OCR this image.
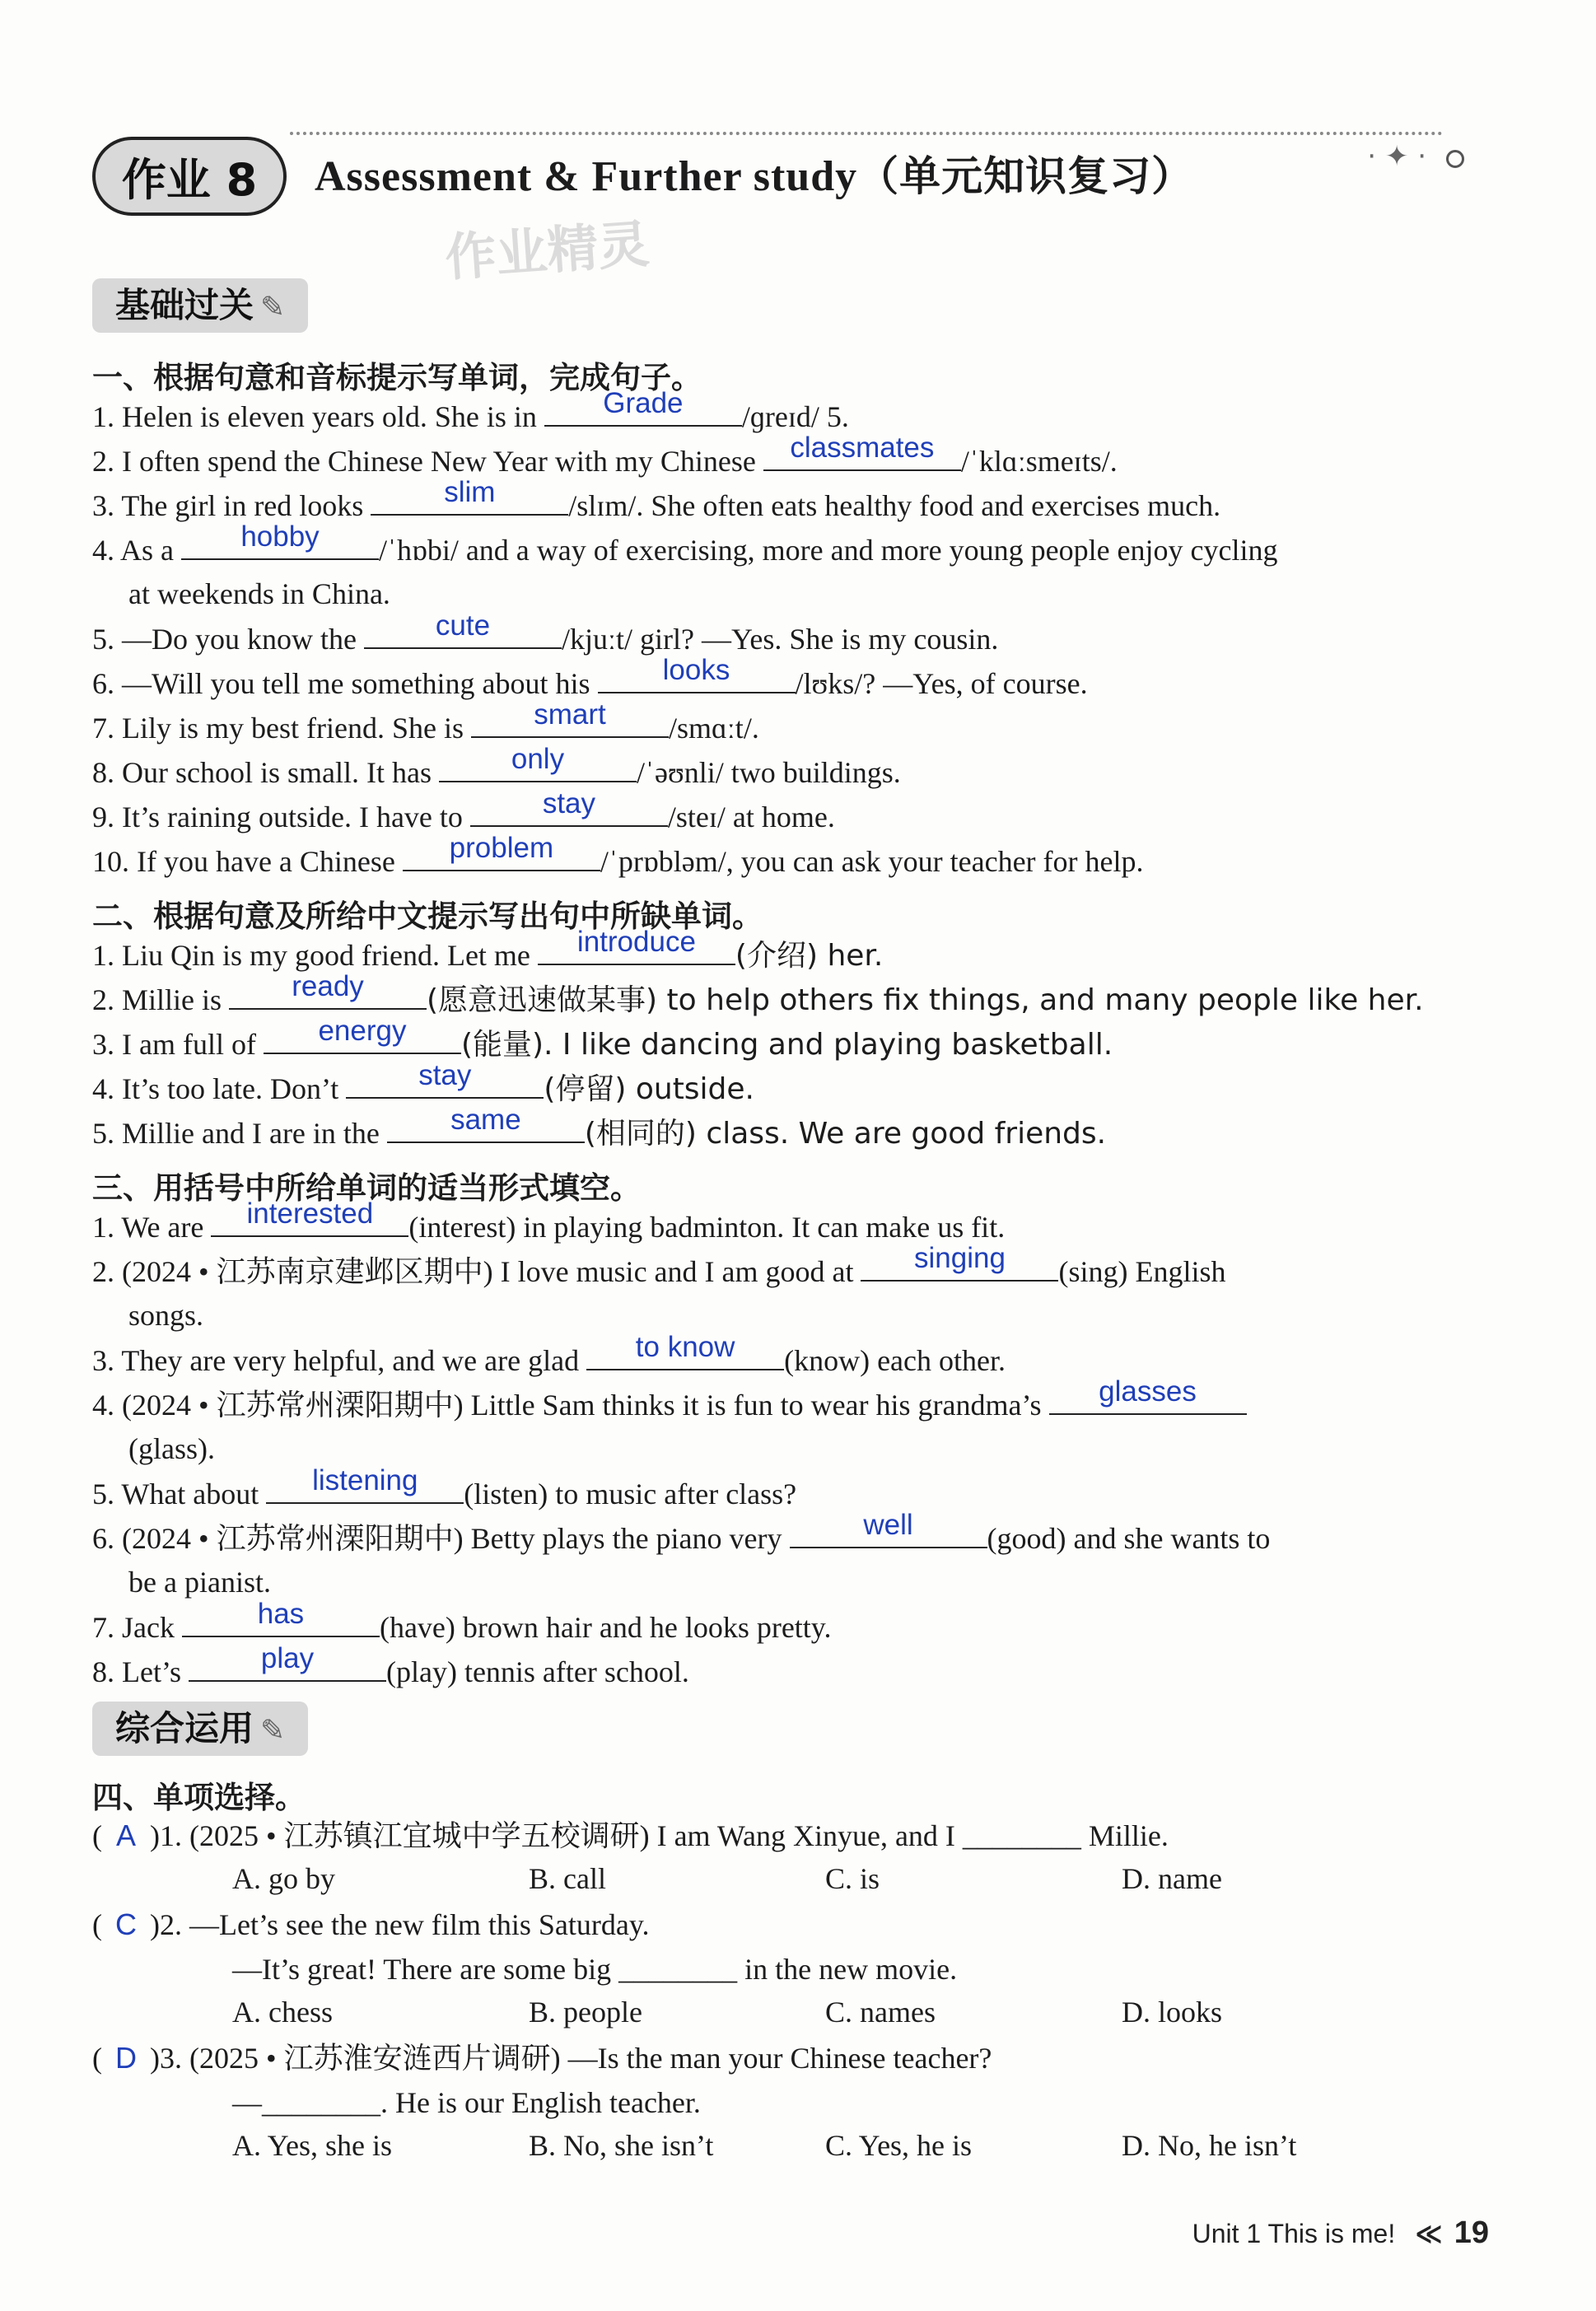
作业 8	Assessment & Further study（单元知识复习）	· ✦ ·
作业精灵
基础过关 ✎
一、根据句意和音标提示写单词，完成句子。
1. Helen is eleven years old. She is in	Grade	/ɡreɪd/ 5.
2. I often spend the Chinese New Year with my Chinese classmates /ˈklɑːsmeɪts/.
3. The girl in red looks	slim	/slɪm/. She often eats healthy food and exercises much.
4. As a	hobby	/ˈhɒbi/ and a way of exercising, more and more young people enjoy cycling
at weekends in China.
5. —Do you know the	cute	/kjuːt/ girl? —Yes. She is my cousin.
6. —Will you tell me something about his	looks	/lʊks/? —Yes, of course.
7. Lily is my best friend. She is	smart	/smɑːt/.
8. Our school is small. It has	only	/ˈəʊnli/ two buildings.
9. It’s raining outside. I have to	stay	/steɪ/ at home.
10. If you have a Chinese	problem	/ˈprɒbləm/, you can ask your teacher for help.
二、根据句意及所给中文提示写出句中所缺单词。
1. Liu Qin is my good friend. Let me	introduce	(介绍) her.
2. Millie is	ready	(愿意迅速做某事) to help others fix things, and many people like her.
3. I am full of	energy	(能量). I like dancing and playing basketball.
4. It’s too late. Don’t	stay	(停留) outside.
5. Millie and I are in the	same	(相同的) class. We are good friends.
三、用括号中所给单词的适当形式填空。
1. We are	interested	(interest) in playing badminton. It can make us fit.
2. (2024 • 江苏南京建邺区期中) I love music and I am good at	singing	(sing) English
songs.
3. They are very helpful, and we are glad	to know	(know) each other.
4. (2024 • 江苏常州溧阳期中) Little Sam thinks it is fun to wear his grandma’s	glasses
(glass).
5. What about	listening	(listen) to music after class?
6. (2024 • 江苏常州溧阳期中) Betty plays the piano very	well	(good) and she wants to
be a pianist.
7. Jack	has	(have) brown hair and he looks pretty.
8. Let’s	play	(play) tennis after school.
综合运用 ✎
四、单项选择。
( A )1. (2025 • 江苏镇江宜城中学五校调研) I am Wang Xinyue, and I ________ Millie.
A. go by	B. call	C. is	D. name
( C )2. —Let’s see the new film this Saturday.
—It’s great! There are some big ________ in the new movie.
A. chess	B. people	C. names	D. looks
( D )3. (2025 • 江苏淮安涟西片调研) —Is the man your Chinese teacher?
—________. He is our English teacher.
A. Yes, she is	B. No, she isn’t	C. Yes, he is	D. No, he isn’t
Unit 1 This is me! ≪ 19
